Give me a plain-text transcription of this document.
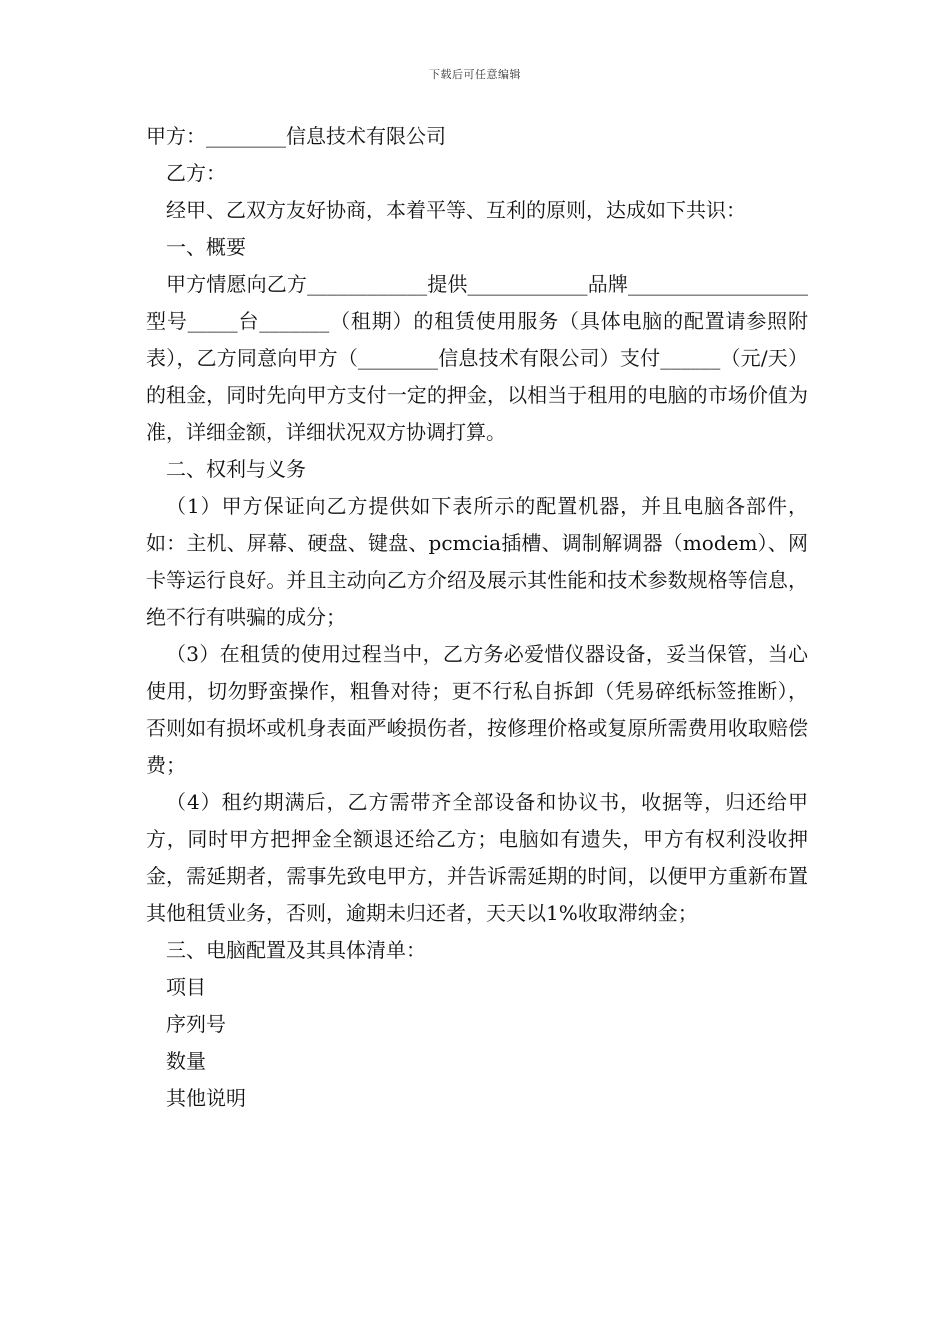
下载后可任意编辑

甲方：________信息技术有限公司

乙方：

经甲、乙双方友好协商，本着平等、互利的原则，达成如下共识：

一、概要

甲方情愿向乙方____________提供____________品牌__________________型号_____台_______（租期）的租赁使用服务（具体电脑的配置请参照附表），乙方同意向甲方（________信息技术有限公司）支付______（元/天）的租金，同时先向甲方支付一定的押金，以相当于租用的电脑的市场价值为准，详细金额，详细状况双方协调打算。

二、权利与义务

（1）甲方保证向乙方提供如下表所示的配置机器，并且电脑各部件，如：主机、屏幕、硬盘、键盘、pcmcia插槽、调制解调器（modem）、网卡等运行良好。并且主动向乙方介绍及展示其性能和技术参数规格等信息，绝不行有哄骗的成分；

（3）在租赁的使用过程当中，乙方务必爱惜仪器设备，妥当保管，当心使用，切勿野蛮操作，粗鲁对待；更不行私自拆卸（凭易碎纸标签推断），否则如有损坏或机身表面严峻损伤者，按修理价格或复原所需费用收取赔偿费；

（4）租约期满后，乙方需带齐全部设备和协议书，收据等，归还给甲方，同时甲方把押金全额退还给乙方；电脑如有遗失，甲方有权利没收押金，需延期者，需事先致电甲方，并告诉需延期的时间，以便甲方重新布置其他租赁业务，否则，逾期未归还者，天天以1%收取滞纳金；

三、电脑配置及其具体清单：

项目

序列号

数量

其他说明
